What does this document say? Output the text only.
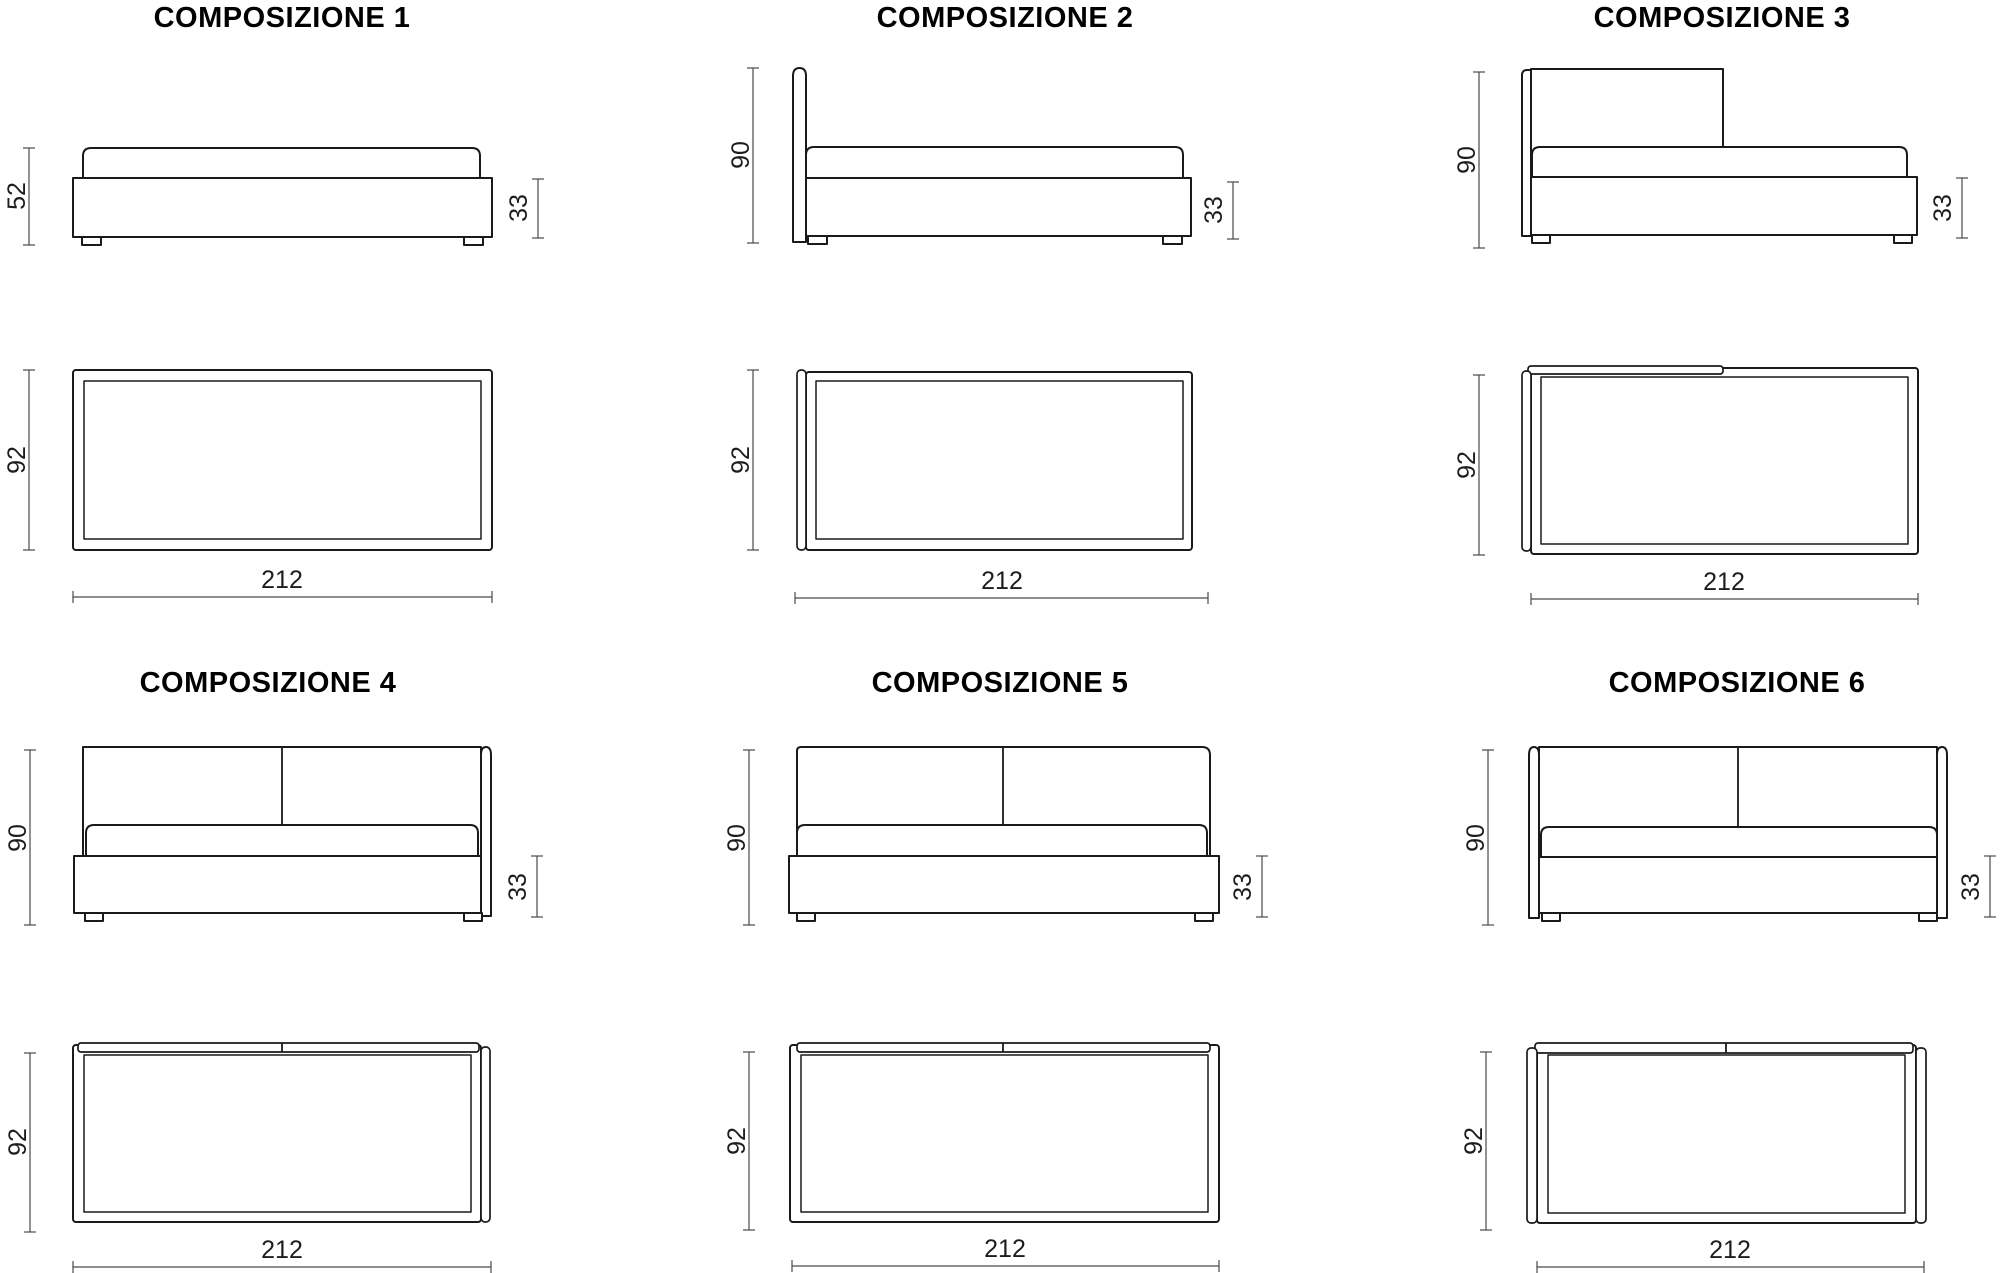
COMPOSIZIONE 1
52	33
92
212
COMPOSIZIONE 2
90
33
92
212
COMPOSIZIONE 3
90
33
92
212
COMPOSIZIONE 4
90
33
92
212
COMPOSIZIONE 5
90
33
92
212
COMPOSIZIONE 6
90
33
92
212
